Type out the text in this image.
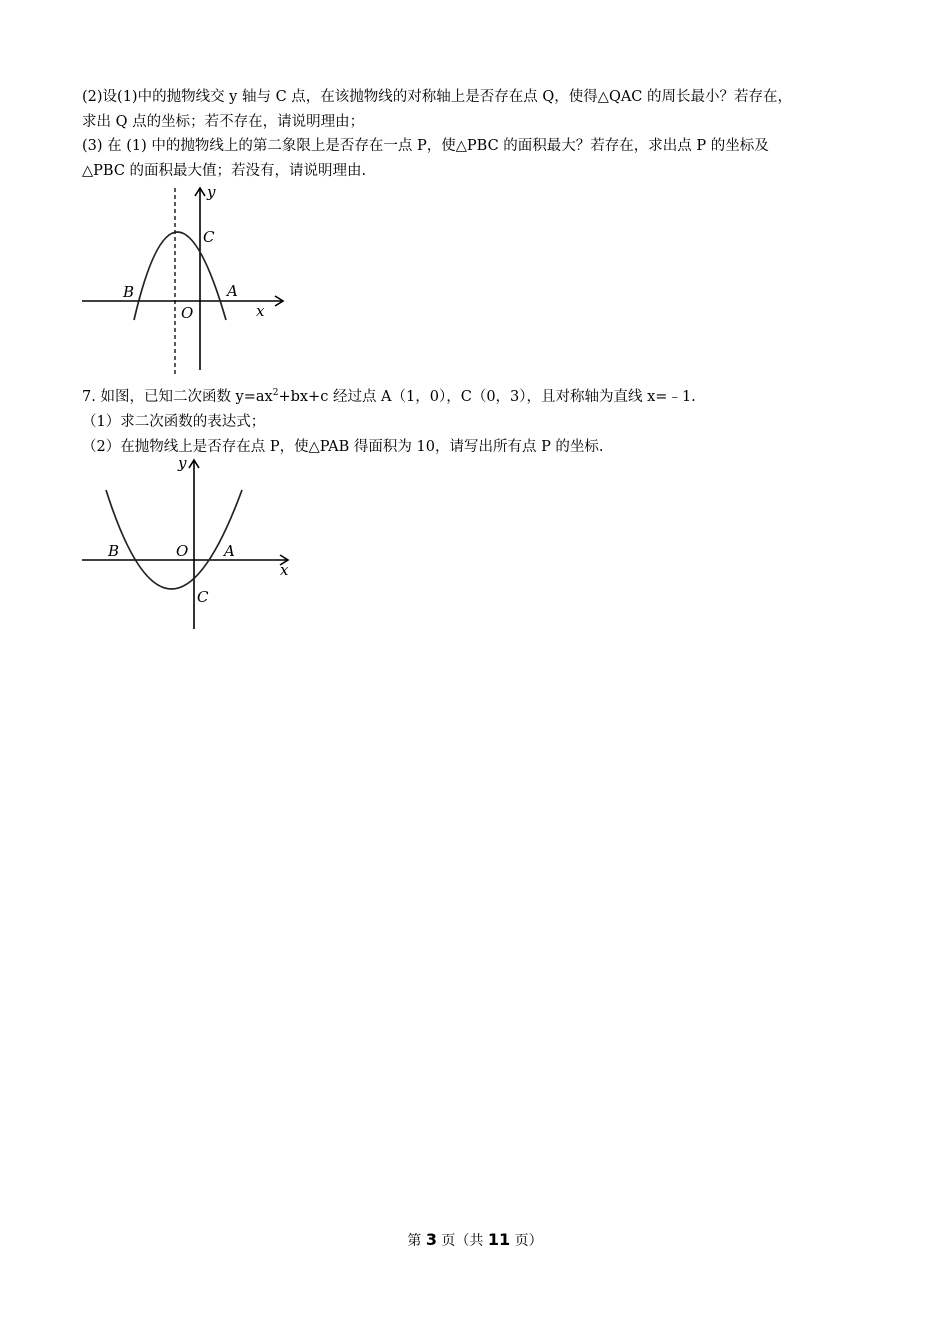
(2)设(1)中的抛物线交 y 轴与 C 点，在该抛物线的对称轴上是否存在点 Q，使得△QAC 的周长最小？若存在，
求出 Q 点的坐标；若不存在，请说明理由；
(3) 在 (1) 中的抛物线上的第二象限上是否存在一点 P，使△PBC 的面积最大？若存在，求出点 P 的坐标及
△PBC 的面积最大值；若没有，请说明理由.
y
C
B	A
O	x
7. 如图，已知二次函数 $y=ax^2+bx+c$ 经过点 A（1，0），C（0，3），且对称轴为直线 x=﹣1.
（1）求二次函数的表达式；
（2）在抛物线上是否存在点 P，使△PAB 得面积为 10，请写出所有点 P 的坐标.
y
B	O A
x
C
第 3 页（共 11 页）
